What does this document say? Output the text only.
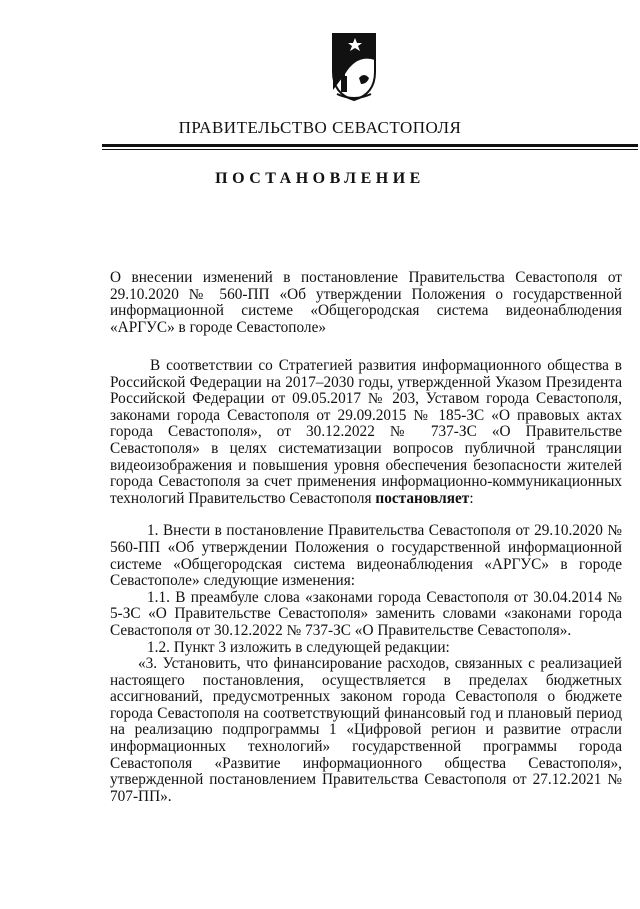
ПРАВИТЕЛЬСТВО СЕВАСТОПОЛЯ
ПОСТАНОВЛЕНИЕ

О внесении изменений в постановление Правительства Севастополя от 29.10.2020 № 560-ПП «Об утверждении Положения о государственной информационной системе «Общегородская система видеонаблюдения «АРГУС» в городе Севастополе»

В соответствии со Стратегией развития информационного общества в Российской Федерации на 2017–2030 годы, утвержденной Указом Президента Российской Федерации от 09.05.2017 № 203, Уставом города Севастополя, законами города Севастополя от 29.09.2015 № 185-ЗС «О правовых актах города Севастополя», от 30.12.2022 № 737-ЗС «О Правительстве Севастополя» в целях систематизации вопросов публичной трансляции видеоизображения и повышения уровня обеспечения безопасности жителей города Севастополя за счет применения информационно-коммуникационных технологий Правительство Севастополя постановляет:

1. Внести в постановление Правительства Севастополя от 29.10.2020 № 560-ПП «Об утверждении Положения о государственной информационной системе «Общегородская система видеонаблюдения «АРГУС» в городе Севастополе» следующие изменения:

1.1. В преамбуле слова «законами города Севастополя от 30.04.2014 № 5-ЗС «О Правительстве Севастополя» заменить словами «законами города Севастополя от 30.12.2022 № 737-ЗС «О Правительстве Севастополя».

1.2. Пункт 3 изложить в следующей редакции:

«3. Установить, что финансирование расходов, связанных с реализацией настоящего постановления, осуществляется в пределах бюджетных ассигнований, предусмотренных законом города Севастополя о бюджете города Севастополя на соответствующий финансовый год и плановый период на реализацию подпрограммы 1 «Цифровой регион и развитие отрасли информационных технологий» государственной программы города Севастополя «Развитие информационного общества Севастополя», утвержденной постановлением Правительства Севастополя от 27.12.2021 № 707-ПП».
